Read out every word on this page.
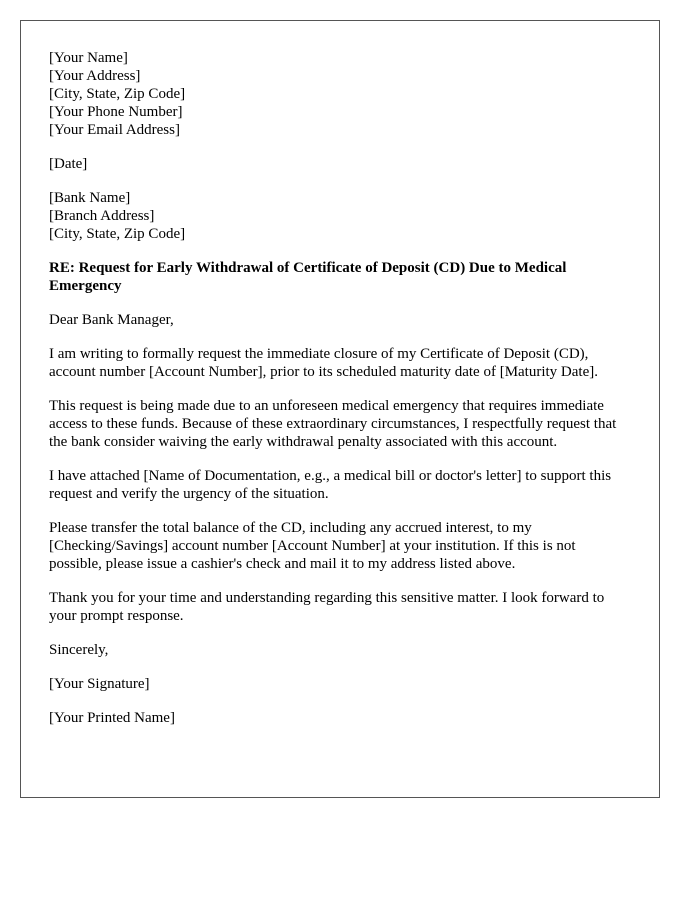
[Your Name]
[Your Address]
[City, State, Zip Code]
[Your Phone Number]
[Your Email Address]
[Date]
[Bank Name]
[Branch Address]
[City, State, Zip Code]
RE: Request for Early Withdrawal of Certificate of Deposit (CD) Due to Medical Emergency
Dear Bank Manager,
I am writing to formally request the immediate closure of my Certificate of Deposit (CD), account number [Account Number], prior to its scheduled maturity date of [Maturity Date].
This request is being made due to an unforeseen medical emergency that requires immediate access to these funds. Because of these extraordinary circumstances, I respectfully request that the bank consider waiving the early withdrawal penalty associated with this account.
I have attached [Name of Documentation, e.g., a medical bill or doctor's letter] to support this request and verify the urgency of the situation.
Please transfer the total balance of the CD, including any accrued interest, to my [Checking/Savings] account number [Account Number] at your institution. If this is not possible, please issue a cashier's check and mail it to my address listed above.
Thank you for your time and understanding regarding this sensitive matter. I look forward to your prompt response.
Sincerely,
[Your Signature]
[Your Printed Name]
